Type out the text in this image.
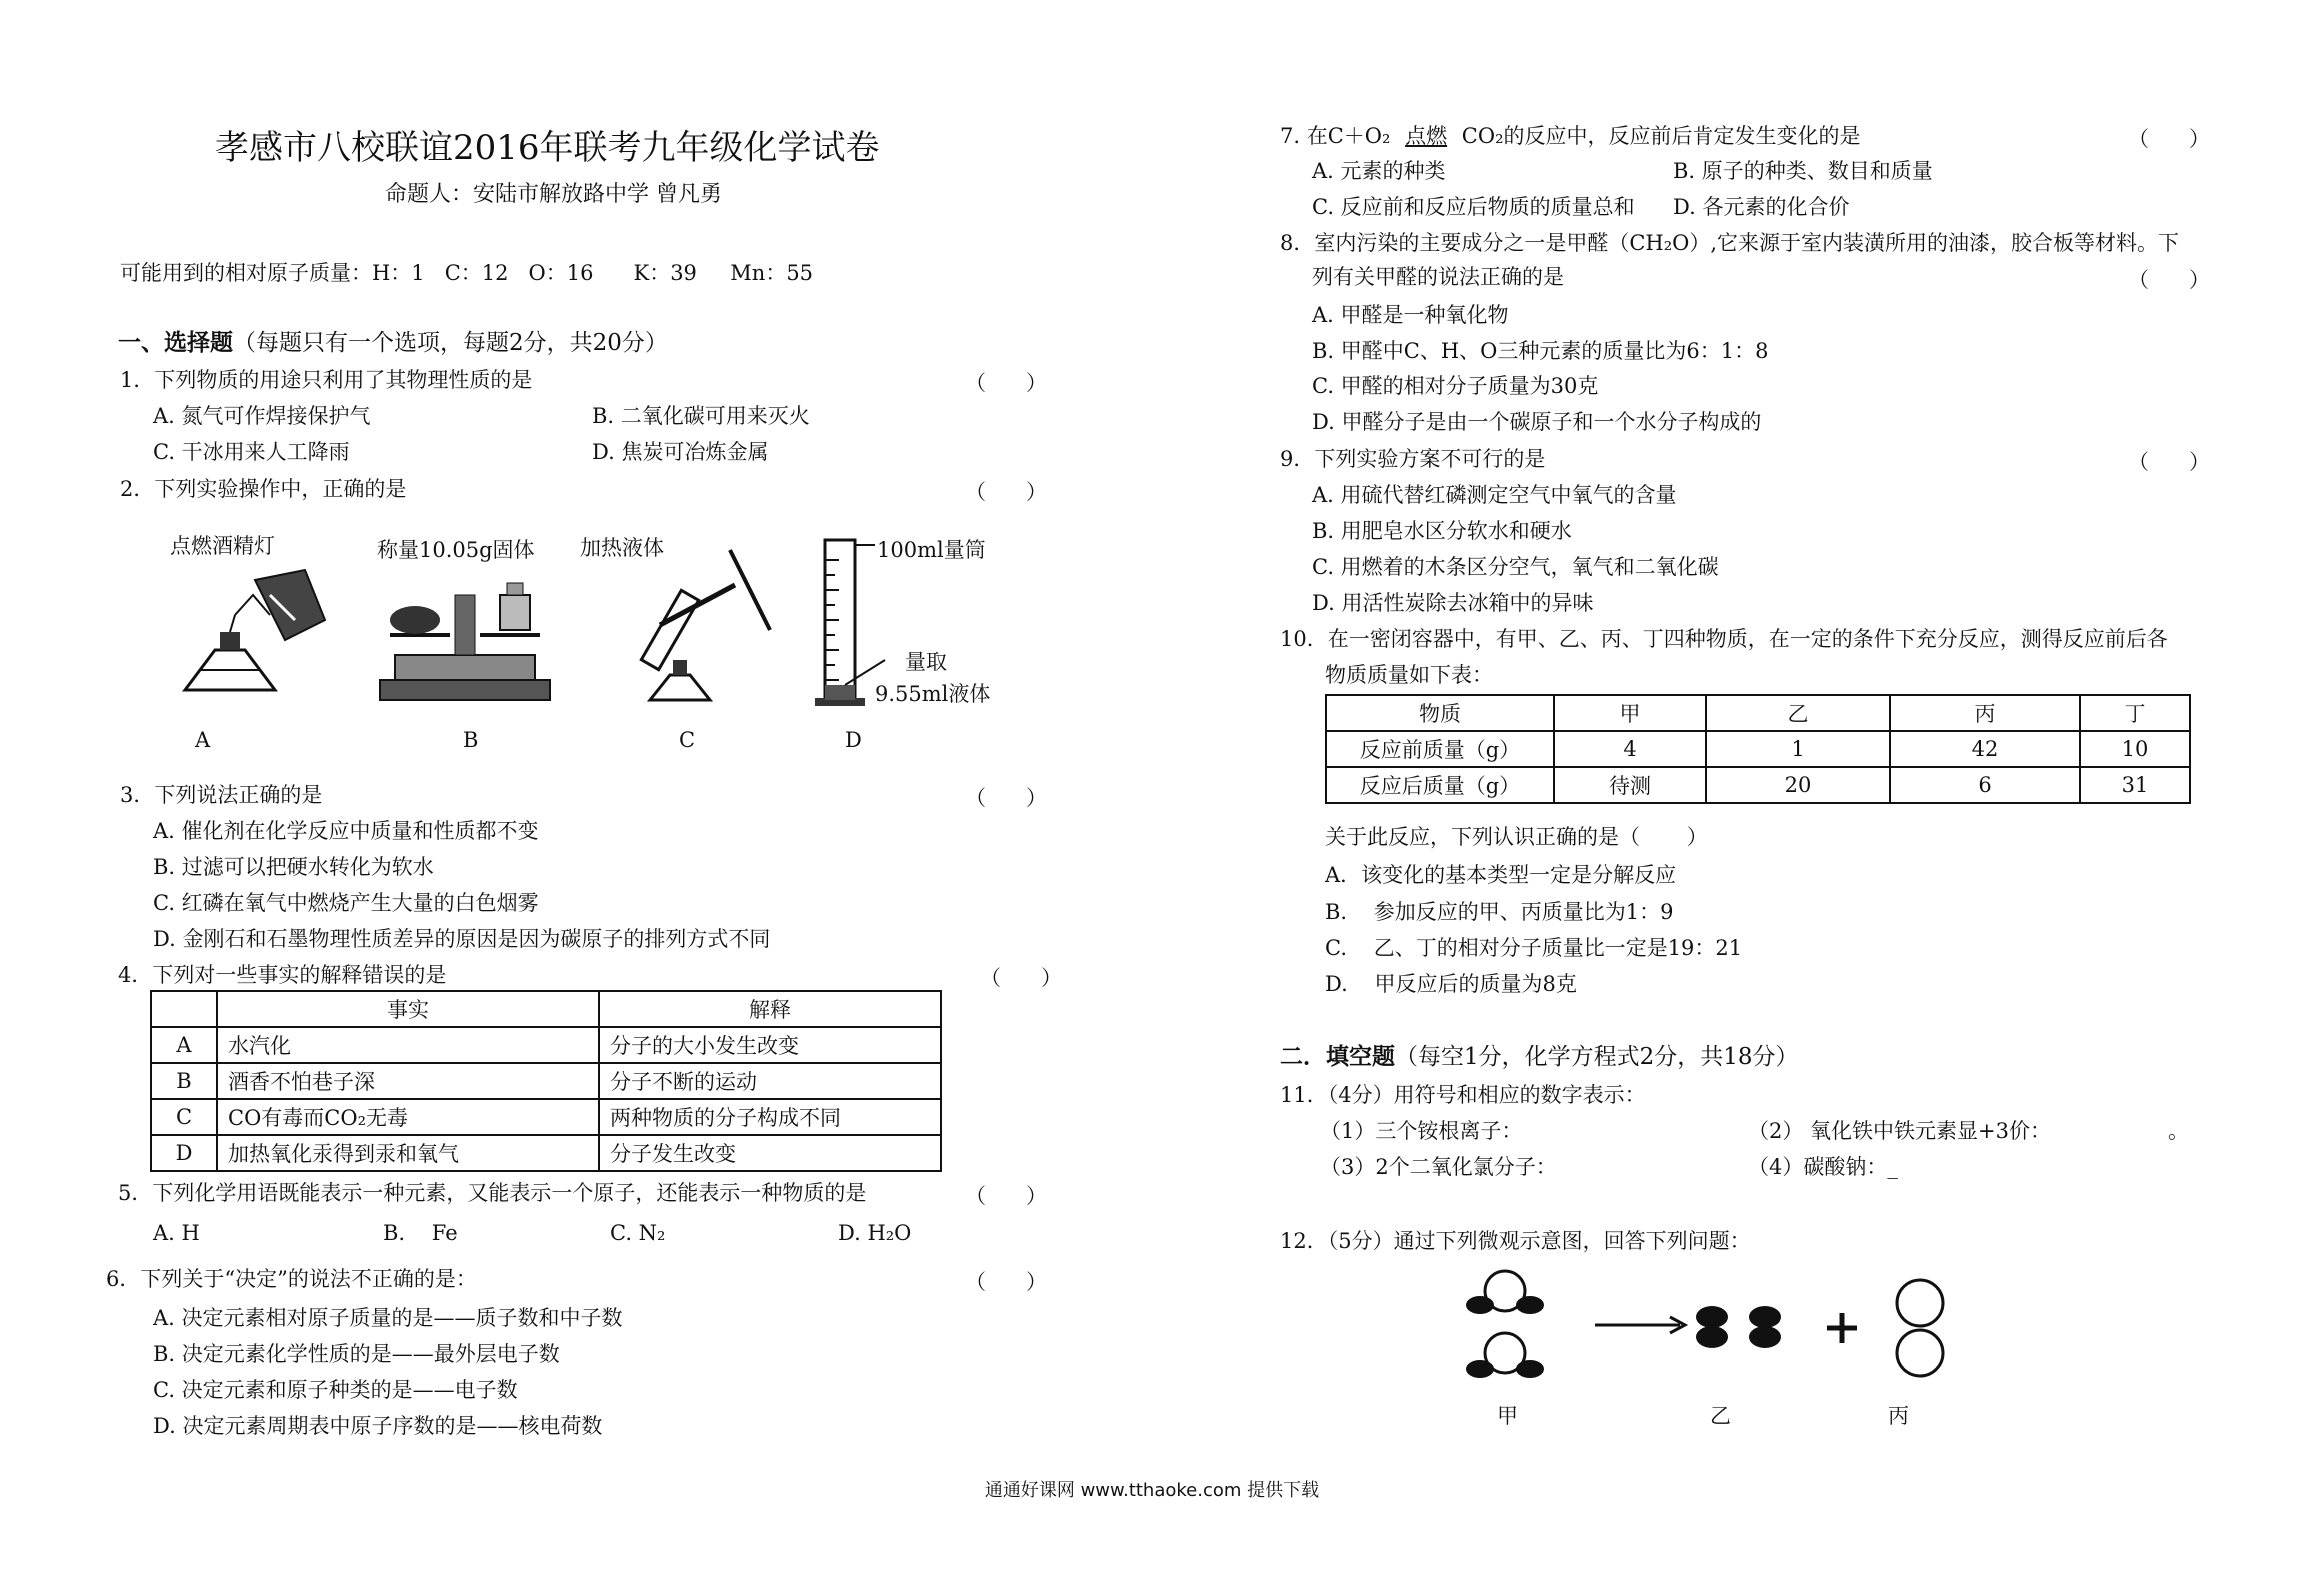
孝感市八校联谊2016年联考九年级化学试卷
命题人：安陆市解放路中学 曾凡勇
可能用到的相对原子质量：H：1   C：12   O：16      K：39     Mn：55
一、选择题（每题只有一个选项，每题2分，共20分）
1．下列物质的用途只利用了其物理性质的是	（      ）
A. 氮气可作焊接保护气	B. 二氧化碳可用来灭火
C. 干冰用来人工降雨	D. 焦炭可冶炼金属
2．下列实验操作中，正确的是	（      ）
点燃酒精灯	称量10.05g固体 加热液体	100ml量筒
量取
9.55ml液体
A	B	C	D
3．下列说法正确的是	（      ）
A. 催化剂在化学反应中质量和性质都不变
B. 过滤可以把硬水转化为软水
C. 红磷在氧气中燃烧产生大量的白色烟雾
D. 金刚石和石墨物理性质差异的原因是因为碳原子的排列方式不同
4．下列对一些事实的解释错误的是	（      ）
	事实	解释
A	水汽化	分子的大小发生改变
B	酒香不怕巷子深	分子不断的运动
C	CO有毒而CO₂无毒	两种物质的分子构成不同
D	加热氧化汞得到汞和氧气	分子发生改变
5．下列化学用语既能表示一种元素，又能表示一个原子，还能表示一种物质的是	（      ）
A. H	B.    Fe	C. N₂	D. H₂O
6．下列关于“决定”的说法不正确的是：	（      ）
A. 决定元素相对原子质量的是——质子数和中子数
B. 决定元素化学性质的是——最外层电子数
C. 决定元素和原子种类的是——电子数
D. 决定元素周期表中原子序数的是——核电荷数
7. 在C＋O₂ 点燃 CO₂的反应中，反应前后肯定发生变化的是	（      ）
A. 元素的种类	B. 原子的种类、数目和质量
C. 反应前和反应后物质的质量总和 D. 各元素的化合价
8．室内污染的主要成分之一是甲醛（CH₂O）,它来源于室内装潢所用的油漆，胶合板等材料。下
列有关甲醛的说法正确的是	（      ）
A. 甲醛是一种氧化物
B. 甲醛中C、H、O三种元素的质量比为6：1：8
C. 甲醛的相对分子质量为30克
D. 甲醛分子是由一个碳原子和一个水分子构成的
9．下列实验方案不可行的是	（      ）
A. 用硫代替红磷测定空气中氧气的含量
B. 用肥皂水区分软水和硬水
C. 用燃着的木条区分空气，氧气和二氧化碳
D. 用活性炭除去冰箱中的异味
10．在一密闭容器中，有甲、乙、丙、丁四种物质，在一定的条件下充分反应，测得反应前后各
物质质量如下表：
物质	甲	乙	丙	丁
反应前质量（g）	4	1	42	10
反应后质量（g）	待测	20	6	31
关于此反应，下列认识正确的是（       ）
A．该变化的基本类型一定是分解反应
B.    参加反应的甲、丙质量比为1：9
C.    乙、丁的相对分子质量比一定是19：21
D.    甲反应后的质量为8克
二．填空题（每空1分，化学方程式2分，共18分）
11．（4分）用符号和相应的数字表示：
（1）三个铵根离子：	（2） 氧化铁中铁元素显+3价：	。
（3）2个二氧化氯分子：	（4）碳酸钠：_
12．（5分）通过下列微观示意图，回答下列问题：
甲	乙	丙
通通好课网 www.tthaoke.com 提供下载
